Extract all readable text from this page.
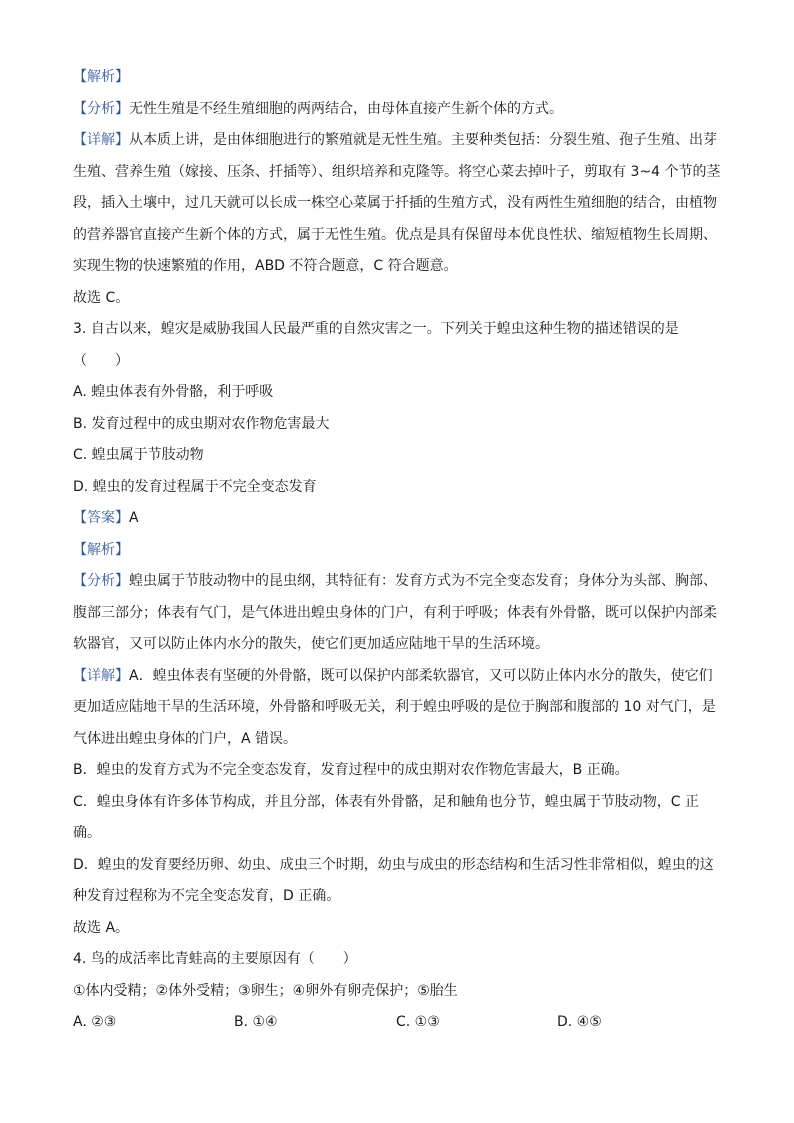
【解析】
【分析】无性生殖是不经生殖细胞的两两结合，由母体直接产生新个体的方式。
【详解】从本质上讲，是由体细胞进行的繁殖就是无性生殖。主要种类包括：分裂生殖、孢子生殖、出芽
生殖、营养生殖（嫁接、压条、扦插等）、组织培养和克隆等。将空心菜去掉叶子，剪取有 3~4 个节的茎
段，插入土壤中，过几天就可以长成一株空心菜属于扦插的生殖方式，没有两性生殖细胞的结合，由植物
的营养器官直接产生新个体的方式，属于无性生殖。优点是具有保留母本优良性状、缩短植物生长周期、
实现生物的快速繁殖的作用，ABD 不符合题意，C 符合题意。
故选 C。
3. 自古以来，蝗灾是威胁我国人民最严重的自然灾害之一。下列关于蝗虫这种生物的描述错误的是
（　　）
A. 蝗虫体表有外骨骼，利于呼吸
B. 发育过程中的成虫期对农作物危害最大
C. 蝗虫属于节肢动物
D. 蝗虫的发育过程属于不完全变态发育
【答案】A
【解析】
【分析】蝗虫属于节肢动物中的昆虫纲，其特征有：发育方式为不完全变态发育；身体分为头部、胸部、
腹部三部分；体表有气门，是气体进出蝗虫身体的门户，有利于呼吸；体表有外骨骼，既可以保护内部柔
软器官，又可以防止体内水分的散失，使它们更加适应陆地干旱的生活环境。
【详解】A．蝗虫体表有坚硬的外骨骼，既可以保护内部柔软器官，又可以防止体内水分的散失，使它们
更加适应陆地干旱的生活环境，外骨骼和呼吸无关，利于蝗虫呼吸的是位于胸部和腹部的 10 对气门，是
气体进出蝗虫身体的门户，A 错误。
B．蝗虫的发育方式为不完全变态发育，发育过程中的成虫期对农作物危害最大，B 正确。
C．蝗虫身体有许多体节构成，并且分部，体表有外骨骼，足和触角也分节，蝗虫属于节肢动物，C 正
确。
D．蝗虫的发育要经历卵、幼虫、成虫三个时期，幼虫与成虫的形态结构和生活习性非常相似，蝗虫的这
种发育过程称为不完全变态发育，D 正确。
故选 A。
4. 鸟的成活率比青蛙高的主要原因有（　　）
①体内受精；②体外受精；③卵生；④卵外有卵壳保护；⑤胎生
A. ②③	B. ①④	C. ①③	D. ④⑤
